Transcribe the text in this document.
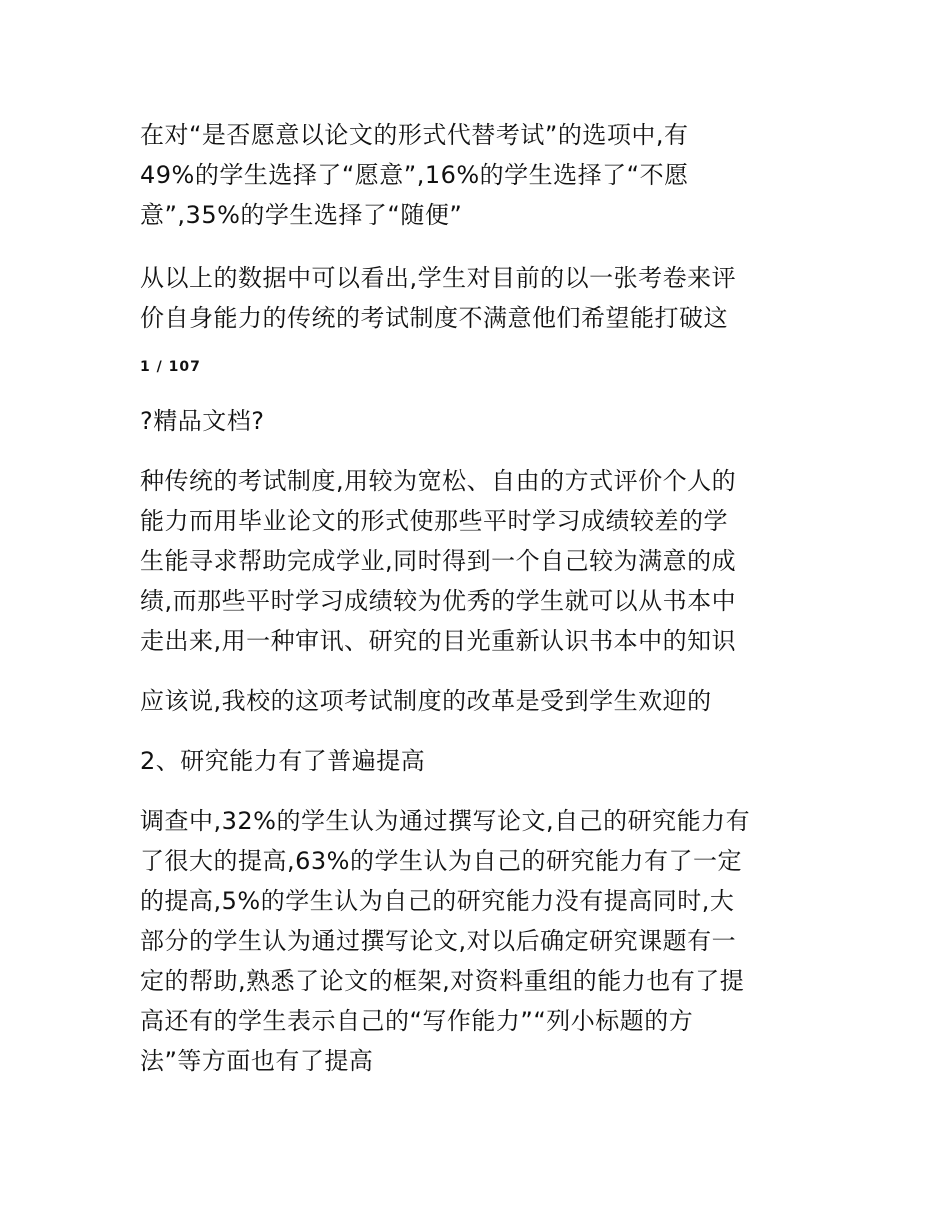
在对“是否愿意以论文的形式代替考试”的选项中,有
49%的学生选择了“愿意”,16%的学生选择了“不愿
意”,35%的学生选择了“随便”
从以上的数据中可以看出,学生对目前的以一张考卷来评
价自身能力的传统的考试制度不满意他们希望能打破这
1 / 107
?精品文档?
种传统的考试制度,用较为宽松、自由的方式评价个人的
能力而用毕业论文的形式使那些平时学习成绩较差的学
生能寻求帮助完成学业,同时得到一个自己较为满意的成
绩,而那些平时学习成绩较为优秀的学生就可以从书本中
走出来,用一种审讯、研究的目光重新认识书本中的知识
应该说,我校的这项考试制度的改革是受到学生欢迎的
2、研究能力有了普遍提高
调查中,32%的学生认为通过撰写论文,自己的研究能力有
了很大的提高,63%的学生认为自己的研究能力有了一定
的提高,5%的学生认为自己的研究能力没有提高同时,大
部分的学生认为通过撰写论文,对以后确定研究课题有一
定的帮助,熟悉了论文的框架,对资料重组的能力也有了提
高还有的学生表示自己的“写作能力”“列小标题的方
法”等方面也有了提高
